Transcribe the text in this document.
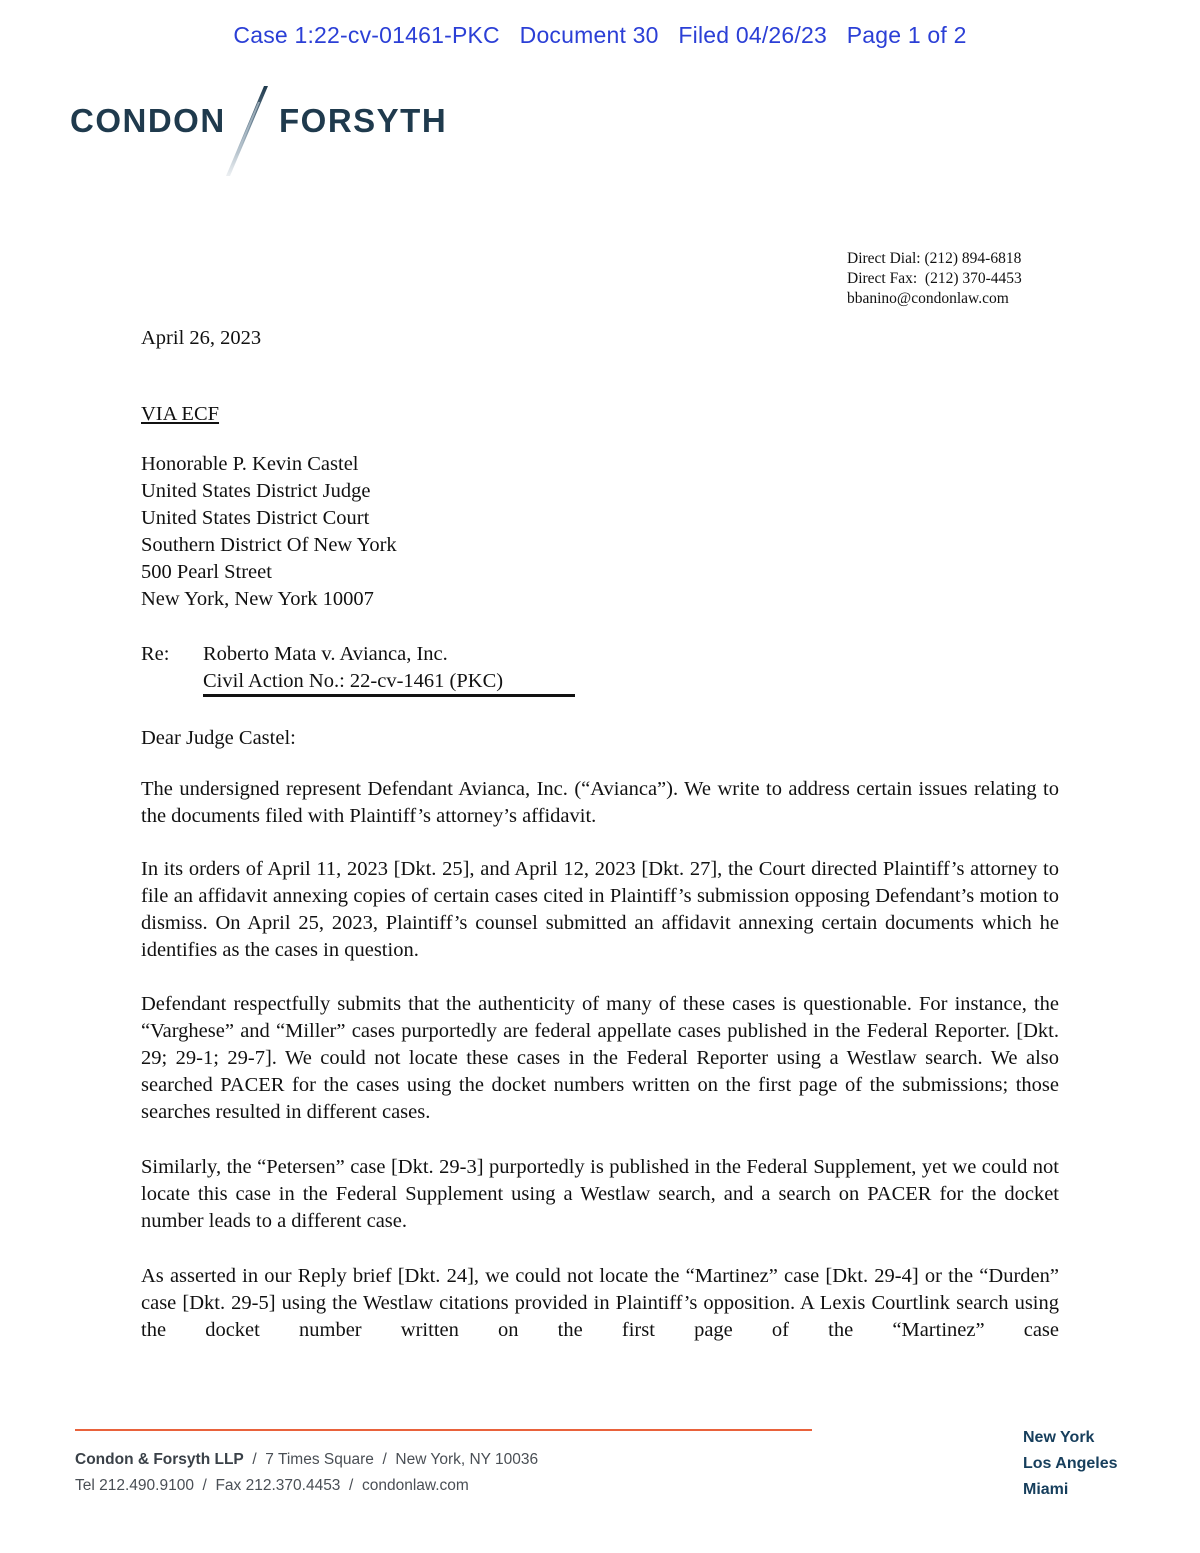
Case 1:22-cv-01461-PKC   Document 30   Filed 04/26/23   Page 1 of 2
CONDON FORSYTH
Direct Dial: (212) 894-6818
Direct Fax:  (212) 370-4453
bbanino@condonlaw.com
April 26, 2023
VIA ECF
Honorable P. Kevin Castel
United States District Judge
United States District Court
Southern District Of New York
500 Pearl Street
New York, New York 10007
Re: Roberto Mata v. Avianca, Inc.
Civil Action No.: 22-cv-1461 (PKC)
Dear Judge Castel:
The undersigned represent Defendant Avianca, Inc. (“Avianca”). We write to address certain issues relating to the documents filed with Plaintiff’s attorney’s affidavit.
In its orders of April 11, 2023 [Dkt. 25], and April 12, 2023 [Dkt. 27], the Court directed Plaintiff’s attorney to file an affidavit annexing copies of certain cases cited in Plaintiff’s submission opposing Defendant’s motion to dismiss. On April 25, 2023, Plaintiff’s counsel submitted an affidavit annexing certain documents which he identifies as the cases in question.
Defendant respectfully submits that the authenticity of many of these cases is questionable. For instance, the “Varghese” and “Miller” cases purportedly are federal appellate cases published in the Federal Reporter. [Dkt. 29; 29-1; 29-7]. We could not locate these cases in the Federal Reporter using a Westlaw search. We also searched PACER for the cases using the docket numbers written on the first page of the submissions; those searches resulted in different cases.
Similarly, the “Petersen” case [Dkt. 29-3] purportedly is published in the Federal Supplement, yet we could not locate this case in the Federal Supplement using a Westlaw search, and a search on PACER for the docket number leads to a different case.
As asserted in our Reply brief [Dkt. 24], we could not locate the “Martinez” case [Dkt. 29-4] or the “Durden” case [Dkt. 29-5] using the Westlaw citations provided in Plaintiff’s opposition. A Lexis Courtlink search using the docket number written on the first page of the “Martinez” case
Condon & Forsyth LLP  /  7 Times Square  /  New York, NY 10036
Tel 212.490.9100  /  Fax 212.370.4453  /  condonlaw.com
New York
Los Angeles
Miami
